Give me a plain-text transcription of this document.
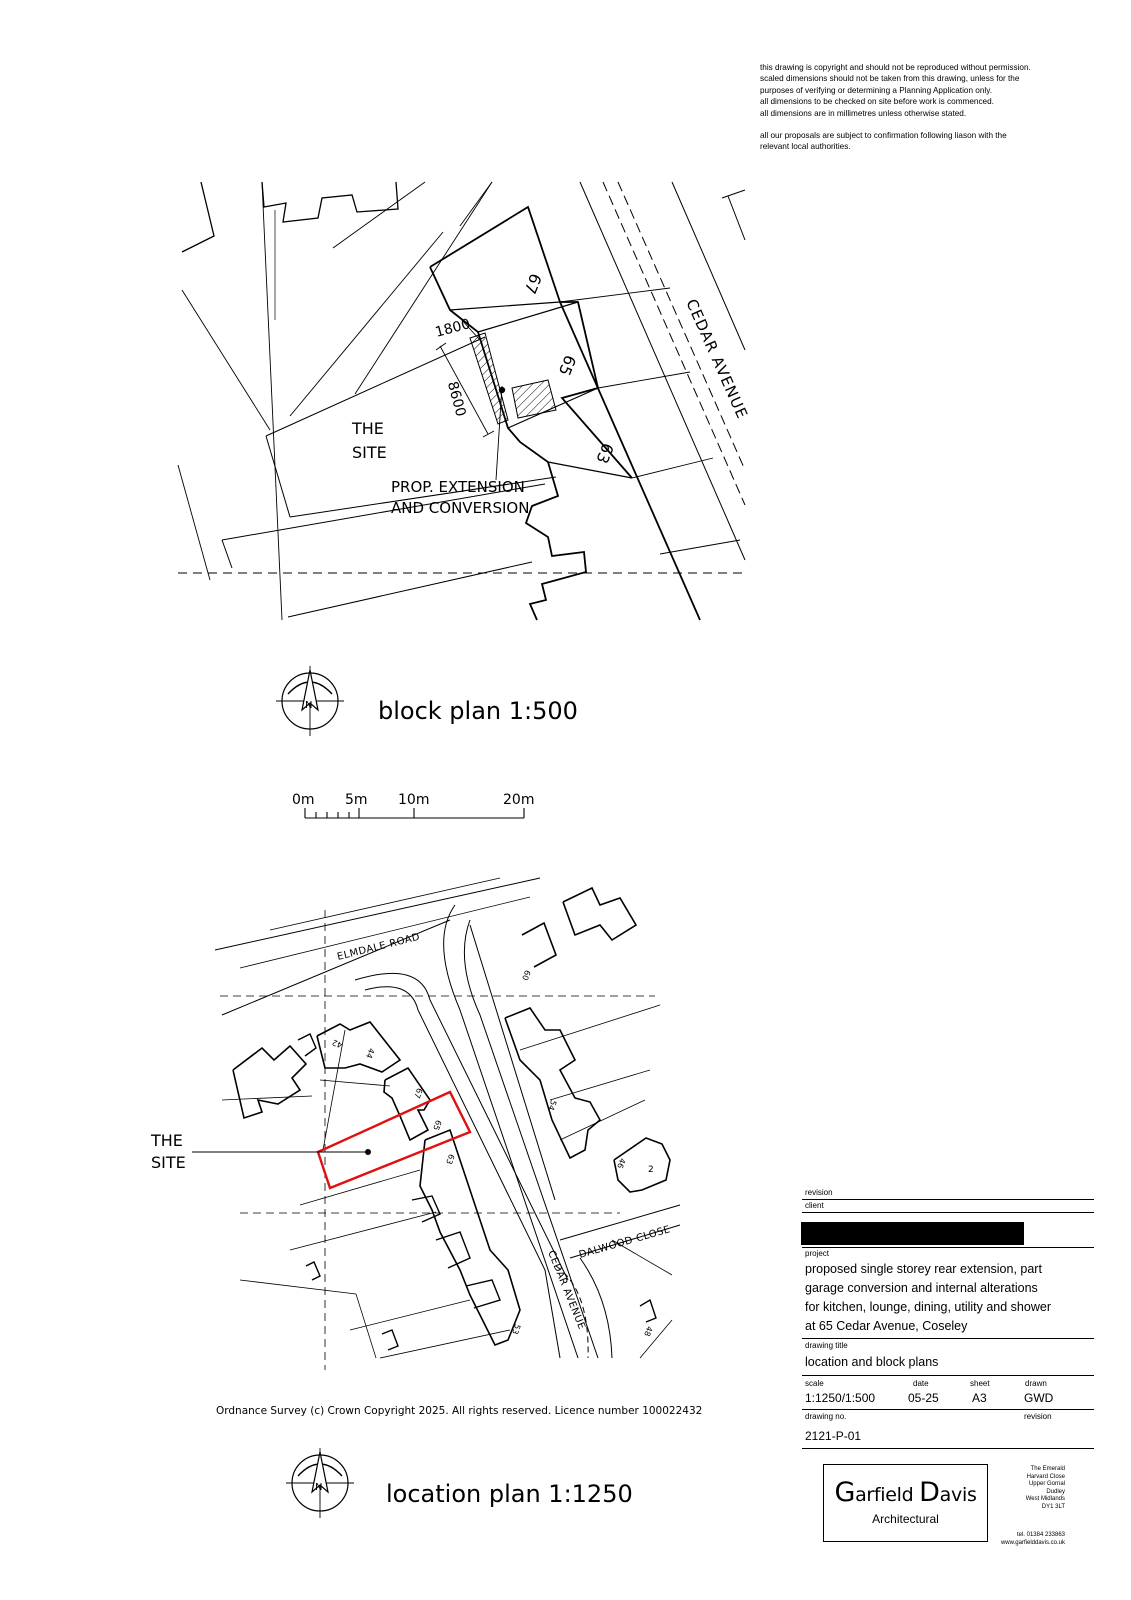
this drawing is copyright and should not be reproduced without permission.
scaled dimensions should not be taken from this drawing, unless for the
purposes of verifying or determining a Planning Application only.
all dimensions to be checked on site before work is commenced.
all dimensions are in millimetres unless otherwise stated.
all our proposals are subject to confirmation following liason with the
relevant local authorities.
THE
SITE
1800
8600
67
65
63
CEDAR AVENUE
PROP. EXTENSION
AND CONVERSION
N	block plan 1:500
0m 5m 10m	20m
ELMDALE ROAD
CEDAR AVENUE
DALWOOD CLOSE
THE
SITE
42
44
60
67
65
63
54
46
2
53	48
Ordnance Survey (c) Crown Copyright 2025. All rights reserved. Licence number 100022432
N	location plan 1:1250
revision
client
project
proposed single storey rear extension, part
garage conversion and internal alterations
for kitchen, lounge, dining, utility and shower
at 65 Cedar Avenue, Coseley
drawing title
location and block plans
scale	date	sheet	drawn
1:1250/1:500	05-25	A3	GWD
drawing no.	revision
2121-P-01
Garfield Davis
Architectural
The Emerald
Harvard Close
Upper Gornal
Dudley
West Midlands
DY1 3LT
tel. 01384 233863
www.garfielddavis.co.uk
